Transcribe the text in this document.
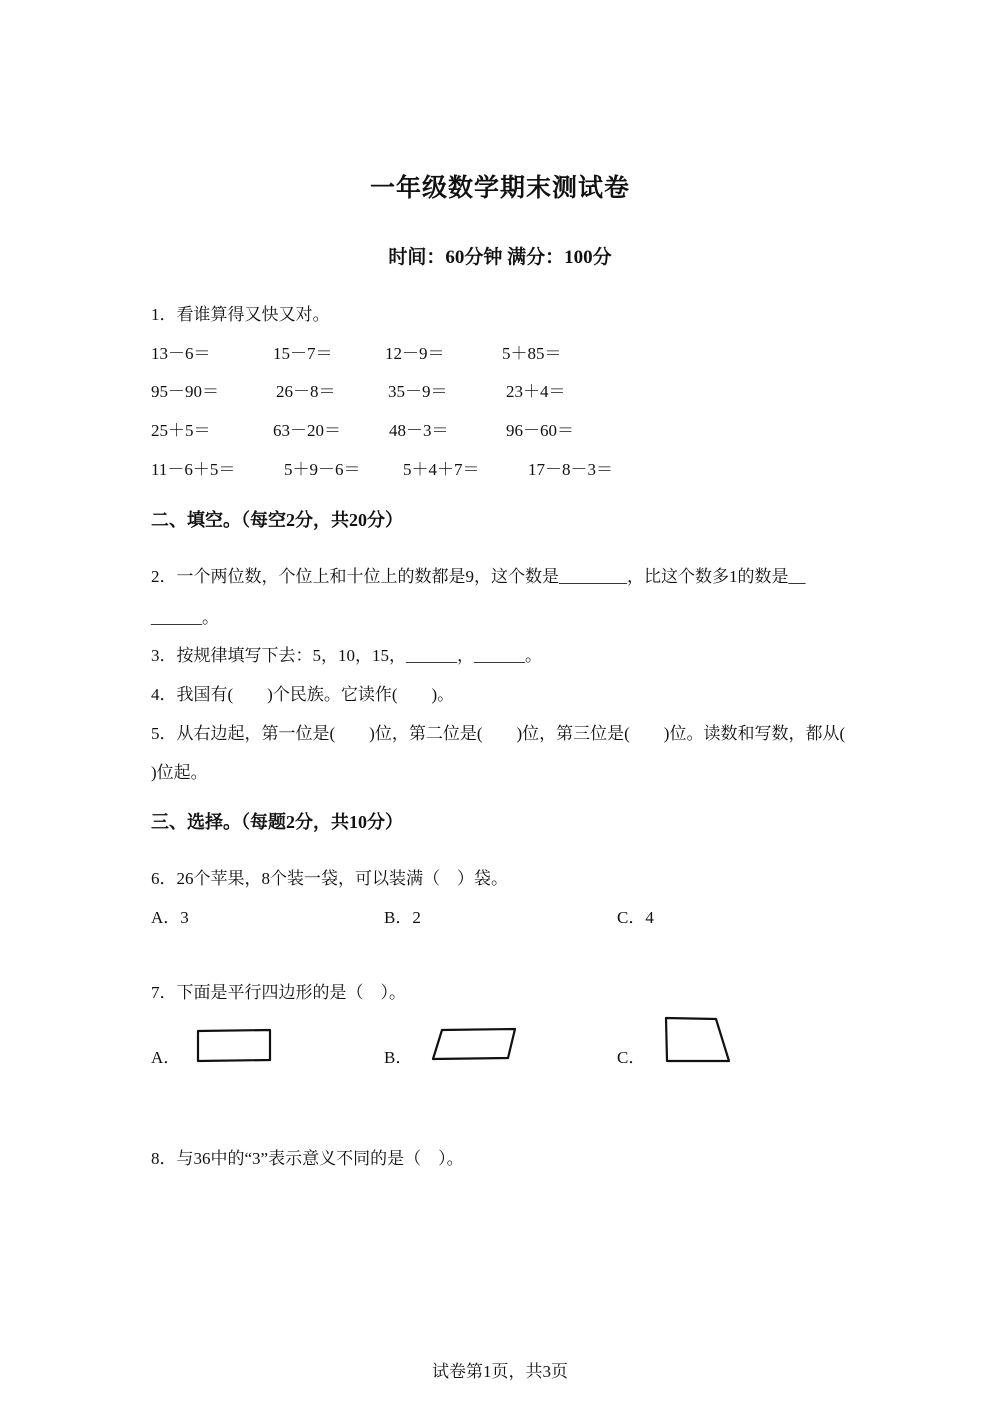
一年级数学期末测试卷
时间：60分钟 满分：100分
1．看谁算得又快又对。
13－6＝	15－7＝	12－9＝	5＋85＝
95－90＝	26－8＝	35－9＝	23＋4＝
25＋5＝	63－20＝	48－3＝	96－60＝
11－6＋5＝	5＋9－6＝	5＋4＋7＝	17－8－3＝
二、填空。（每空2分，共20分）
2．一个两位数，个位上和十位上的数都是9，这个数是________，比这个数多1的数是__
______。
3．按规律填写下去：5，10，15，______，______。
4．我国有(　　)个民族。它读作(　　)。
5．从右边起，第一位是(　　)位，第二位是(　　)位，第三位是(　　)位。读数和写数，都从(
)位起。
三、选择。（每题2分，共10分）
6．26个苹果，8个装一袋，可以装满（　）袋。
A．3	B．2	C．4
7．下面是平行四边形的是（　）。
A．	B．	C．
8．与36中的“3”表示意义不同的是（　）。
试卷第1页，共3页
